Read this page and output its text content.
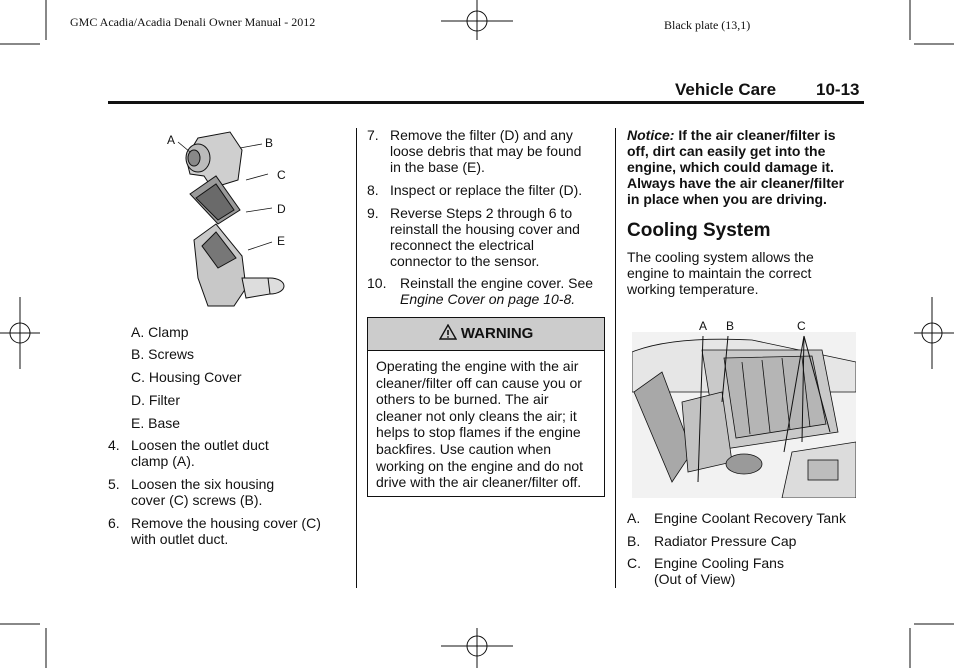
GMC Acadia/Acadia Denali Owner Manual - 2012	Black plate (13,1)
Vehicle Care 10-13
A	B
C
D
E
A. Clamp
B. Screws
C. Housing Cover
D. Filter
E. Base
4. Loosen the outlet duct clamp (A).
5. Loosen the six housing cover (C) screws (B).
6. Remove the housing cover (C) with outlet duct.
7. Remove the filter (D) and any loose debris that may be found in the base (E).
8. Inspect or replace the filter (D).
9. Reverse Steps 2 through 6 to reinstall the housing cover and reconnect the electrical connector to the sensor.
10. Reinstall the engine cover. See
Engine Cover on page 10-8.
WARNING
Operating the engine with the air cleaner/filter off can cause you or others to be burned. The air cleaner not only cleans the air; it helps to stop flames if the engine backfires. Use caution when working on the engine and do not drive with the air cleaner/filter off.
Notice: If the air cleaner/filter is off, dirt can easily get into the engine, which could damage it. Always have the air cleaner/filter in place when you are driving.
Cooling System
The cooling system allows the engine to maintain the correct working temperature.
A B	C
A. Engine Coolant Recovery Tank
B. Radiator Pressure Cap
C. Engine Cooling Fans
(Out of View)
